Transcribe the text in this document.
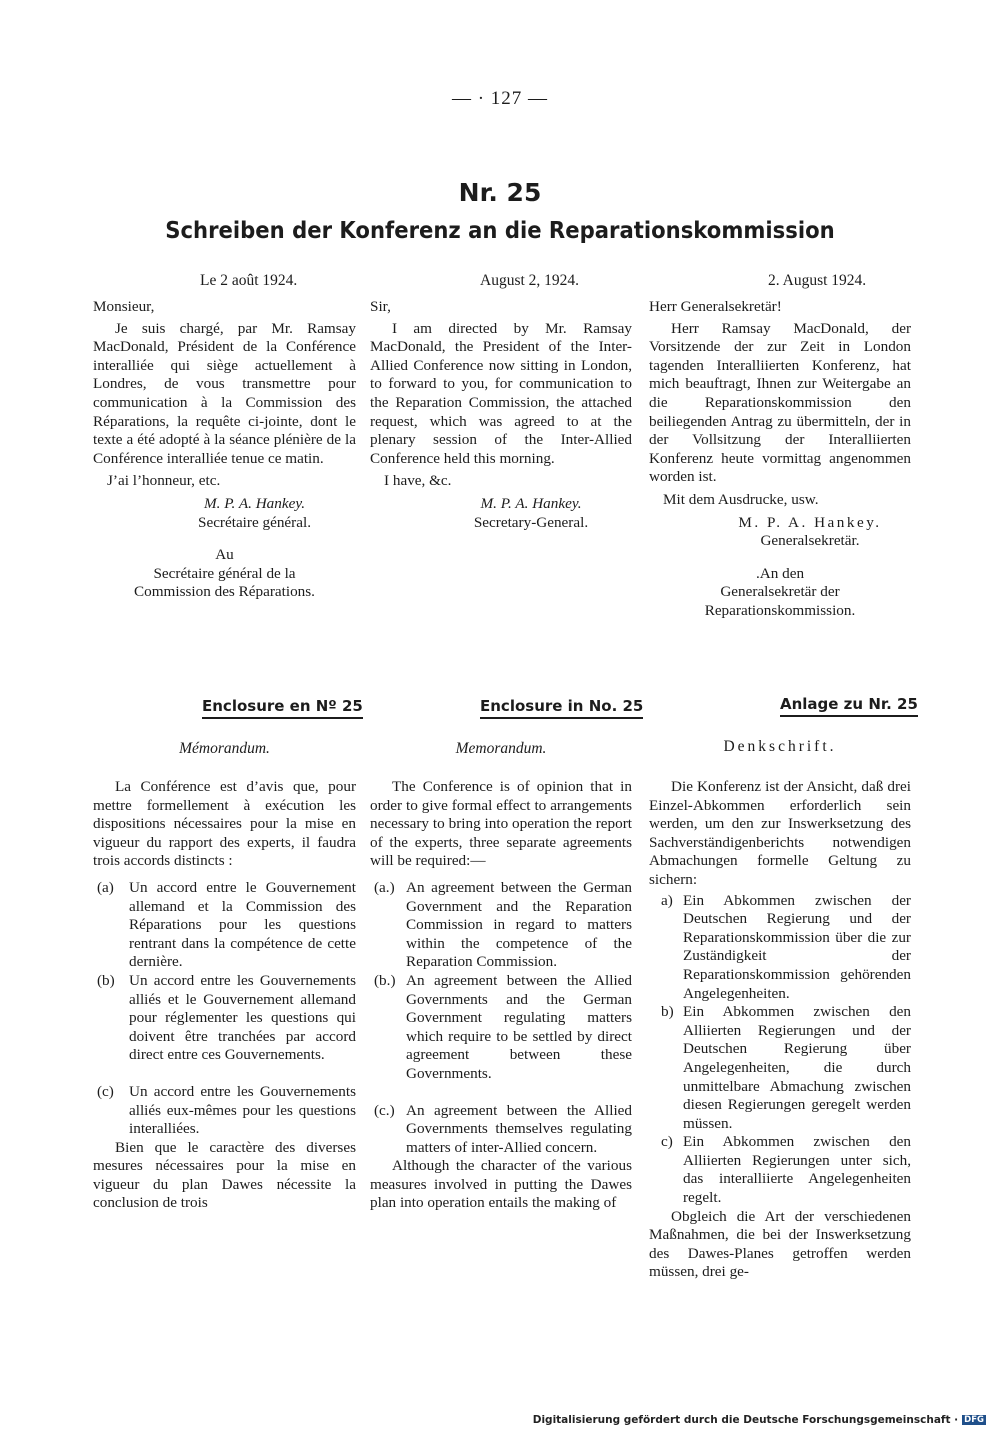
— · 127 —
Nr. 25
Schreiben der Konferenz an die Reparationskommission
Le 2 août 1924.	August 2, 1924.	2. August 1924.

Monsieur,

Je suis chargé, par Mr. Ramsay MacDonald, Président de la Conférence interalliée qui siège actuellement à Londres, de vous transmettre pour communication à la Commission des Réparations, la requête ci-jointe, dont le texte a été adopté à la séance plénière de la Conférence interalliée tenue ce matin.

J’ai l’honneur, etc.

M. P. A. Hankey.
Secrétaire général.
Au
Secrétaire général de la
Commission des Réparations.

Sir,

I am directed by Mr. Ramsay MacDonald, the President of the Inter-Allied Conference now sitting in London, to forward to you, for communication to the Reparation Commission, the attached request, which was agreed to at the plenary session of the Inter-Allied Conference held this morning.

I have, &c.

M. P. A. Hankey.
Secretary-General.

Herr Generalsekretär!

Herr Ramsay MacDonald, der Vorsitzende der zur Zeit in London tagenden Interalliierten Konferenz, hat mich beauftragt, Ihnen zur Weitergabe an die Reparationskommission den beiliegenden Antrag zu übermitteln, der in der Vollsitzung der Interalliierten Konferenz heute vormittag angenommen worden ist.

Mit dem Ausdrucke, usw.

M. P. A. Hankey.
Generalsekretär.
.An den
Generalsekretär der
Reparationskommission.
Enclosure en Nº 25	Enclosure in No. 25	Anlage zu Nr. 25
Mémorandum.	Memorandum.	Denkschrift.

La Conférence est d’avis que, pour mettre formellement à exécution les dispositions nécessaires pour la mise en vigueur du rapport des experts, il faudra trois accords distincts :

(a) Un accord entre le Gouvernement allemand et la Commission des Réparations pour les questions rentrant dans la compétence de cette dernière.
(b) Un accord entre les Gouvernements alliés et le Gouvernement allemand pour réglementer les questions qui doivent être tranchées par accord direct entre ces Gouvernements.
(c) Un accord entre les Gouvernements alliés eux-mêmes pour les questions interalliées.

Bien que le caractère des diverses mesures nécessaires pour la mise en vigueur du plan Dawes nécessite la conclusion de trois

The Conference is of opinion that in order to give formal effect to arrangements necessary to bring into operation the report of the experts, three separate agreements will be required:—

(a.) An agreement between the German Government and the Reparation Commission in regard to matters within the competence of the Reparation Commission.
(b.) An agreement between the Allied Governments and the German Government regulating matters which require to be settled by direct agreement between these Governments.
(c.) An agreement between the Allied Governments themselves regulating matters of inter-Allied concern.

Although the character of the various measures involved in putting the Dawes plan into operation entails the making of

Die Konferenz ist der Ansicht, daß drei Einzel-Abkommen erforderlich sein werden, um den zur Inswerksetzung des Sachverständigenberichts notwendigen Abmachungen formelle Geltung zu sichern:

a) Ein Abkommen zwischen der Deutschen Regierung und der Reparationskommission über die zur Zuständigkeit der Reparationskommission gehörenden Angelegenheiten.
b) Ein Abkommen zwischen den Alliierten Regierungen und der Deutschen Regierung über Angelegenheiten, die durch unmittelbare Abmachung zwischen diesen Regierungen geregelt werden müssen.
c) Ein Abkommen zwischen den Alliierten Regierungen unter sich, das interalliierte Angelegenheiten regelt.

Obgleich die Art der verschiedenen Maßnahmen, die bei der Inswerksetzung des Dawes-Planes getroffen werden müssen, drei ge-

Digitalisierung gefördert durch die Deutsche Forschungsgemeinschaft · DFG
